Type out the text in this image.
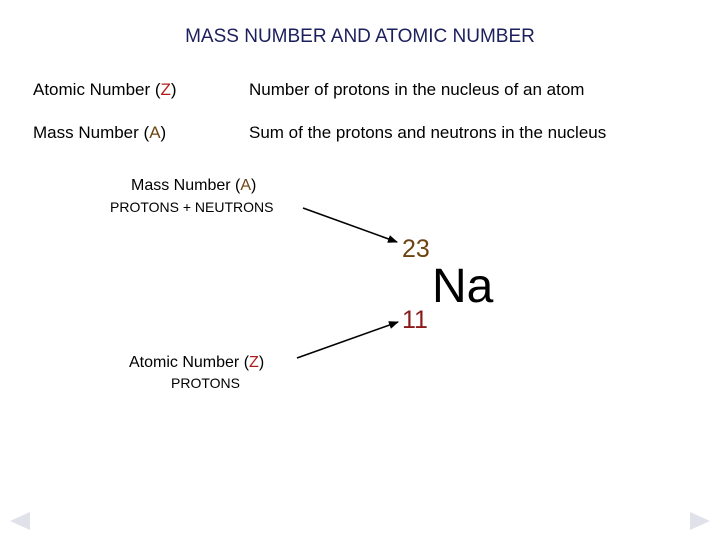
MASS NUMBER AND ATOMIC NUMBER
Atomic Number (Z)	Number of protons in the nucleus of an atom
Mass Number (A)	Sum of the protons and neutrons in the nucleus
Mass Number (A)
PROTONS + NEUTRONS
Atomic Number (Z)
PROTONS
23
Na
11
